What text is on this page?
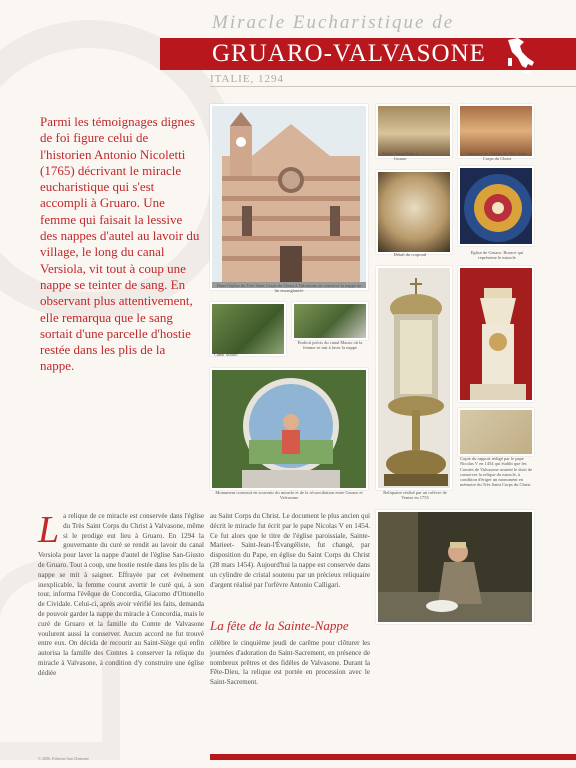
Miracle Eucharistique de
GRUARO-VALVASONE
ITALIE, 1294
Parmi les témoignages dignes de foi figure celui de l'historien Antonio Nicoletti (1765) décrivant le miracle eucharistique qui s'est accompli à Gruaro. Une femme qui faisait la lessive des nappes d'autel au lavoir du village, le long du canal Versiola, vit tout à coup une nappe se teinter de sang. En observant plus attentivement, elle remarqua que le sang sortait d'une parcelle d'hostie restée dans les plis de la nappe.
Dans l'église du Très Saint Corps du Christ à Valvasone on conserve la nappe de lin ensanglantée
Canal Mauro
Endroit précis du canal Mauro où la femme se mit à laver la nappe
Monument construit en souvenir du miracle et de la réconciliation entre Gruaro et Valvasone
Eglise Saint-Justo à Gruaro
Intérieur de l'église du Très Saint Corps du Christ
Détail du corporal	Eglise de Gruaro. Rosace qui représente le miracle
Reliquaire réalisé par un orfèvre de Venise en 1755
Copie du rapport rédigé par le pape Nicolas V en 1454 qui établit que les Comtes de Valvasone avaient le droit de conserver la relique du miracle, à condition d'ériger un monument en mémoire du Très Saint Corps du Christ
La relique de ce miracle est conservée dans l'église du Très Saint Corps du Christ à Valvasone, même si le prodige eut lieu à Gruaro. En 1294 la gouvernante du curé se rendit au lavoir du canal Versiola pour laver la nappe d'autel de l'église San-Giusto de Gruaro. Tout à coup, une hostie restée dans les plis de la nappe se mit à saigner. Effrayée par cet événement inexplicable, la femme courut avertir le curé qui, à son tour, informa l'évêque de Concordia, Giacomo d'Ottonello de Cividale. Celui-ci, après avoir vérifié les faits, demanda de pouvoir garder la nappe du miracle à Concordia, mais le curé de Gruaro et la famille du Comte de Valvasone voulurent aussi la conserver. Aucun accord ne fut trouvé entre eux. On décida de recourir au Saint-Siège qui enfin autorisa la famille des Comtes à conserver la relique du miracle à Valvasone, à condition d'y construire une église dédiée
au Saint Corps du Christ. Le document le plus ancien qui décrit le miracle fut écrit par le pape Nicolas V en 1454. Ce fut alors que le titre de l'église paroissiale, Sainte-Marieet- Saint-Jean-l'Évangéliste, fut changé, par disposition du Pape, en église du Saint Corps du Christ (28 mars 1454). Aujourd'hui la nappe est conservée dans un cylindre de cristal soutenu par un précieux reliquaire d'argent réalisé par l'orfèvre Antonio Calligari.
La fête de la Sainte-Nappe
célèbre le cinquième jeudi de carême pour clôturer les journées d'adoration du Saint-Sacrement, en présence de nombreux prêtres et des fidèles de Valvasone. Durant la Fête-Dieu, la relique est portée en procession avec le Saint-Sacrement.
© 2006, Edizioni San Clemente
